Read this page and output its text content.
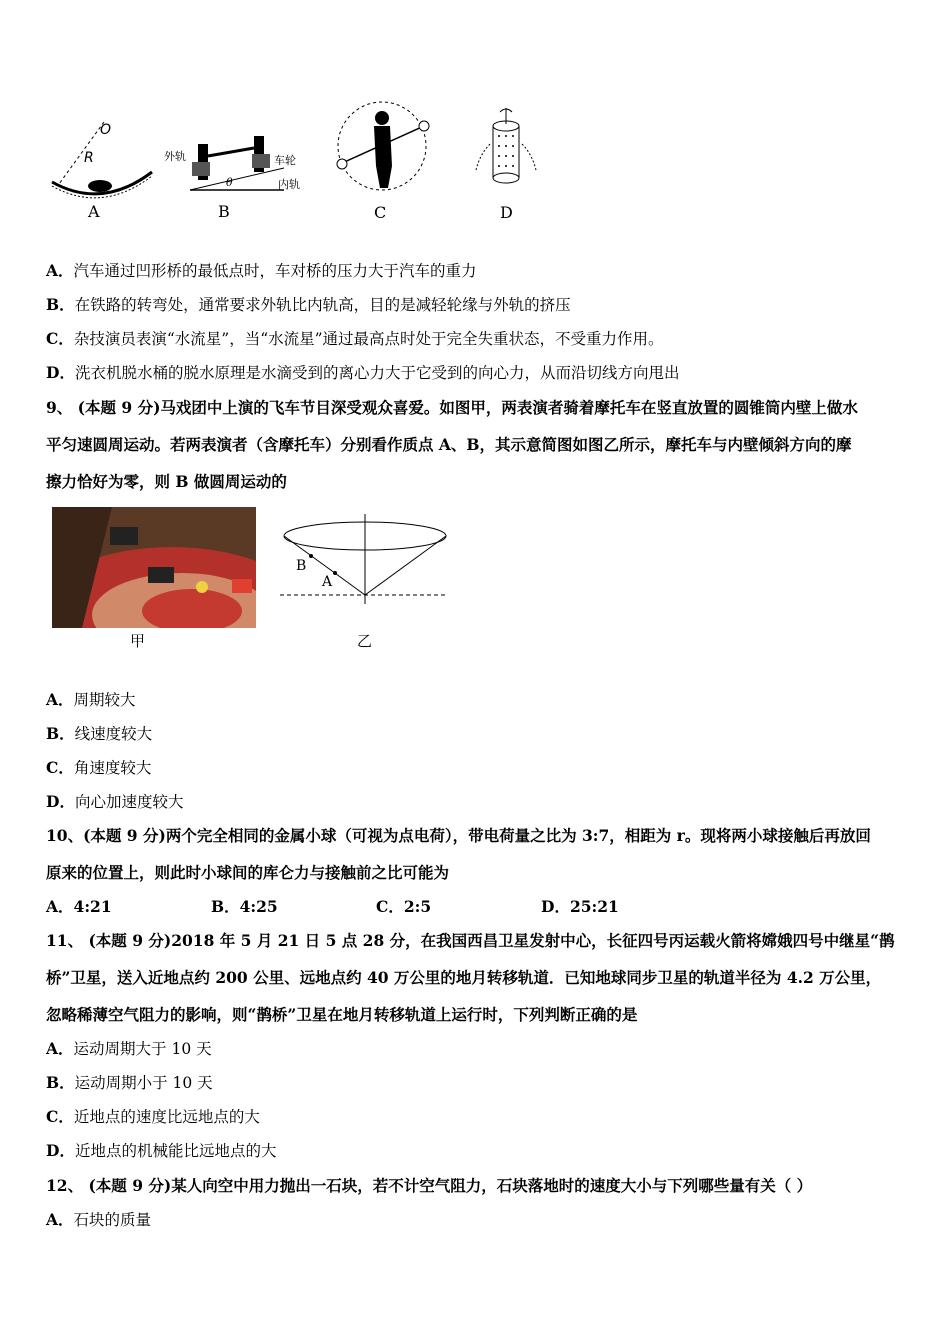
O
R
A
外轨	车轮
内轨
θ
B	C	D
A．汽车通过凹形桥的最低点时，车对桥的压力大于汽车的重力
B．在铁路的转弯处，通常要求外轨比内轨高，目的是减轻轮缘与外轨的挤压
C．杂技演员表演“水流星”，当“水流星”通过最高点时处于完全失重状态，不受重力作用。
D．洗衣机脱水桶的脱水原理是水滴受到的离心力大于它受到的向心力，从而沿切线方向甩出
9、 (本题 9 分)马戏团中上演的飞车节目深受观众喜爱。如图甲，两表演者骑着摩托车在竖直放置的圆锥筒内壁上做水
平匀速圆周运动。若两表演者（含摩托车）分别看作质点 A、B，其示意简图如图乙所示，摩托车与内壁倾斜方向的摩
擦力恰好为零，则 B 做圆周运动的
甲
B
A
乙
A．周期较大
B．线速度较大
C．角速度较大
D．向心加速度较大
10、(本题 9 分)两个完全相同的金属小球（可视为点电荷），带电荷量之比为 3:7，相距为 r。现将两小球接触后再放回
原来的位置上，则此时小球间的库仑力与接触前之比可能为
A．4:21	B．4:25	C．2:5	D．25:21
11、 (本题 9 分)2018 年 5 月 21 日 5 点 28 分，在我国西昌卫星发射中心，长征四号丙运载火箭将嫦娥四号中继星“鹊
桥”卫星，送入近地点约 200 公里、远地点约 40 万公里的地月转移轨道．已知地球同步卫星的轨道半径为 4.2 万公里，
忽略稀薄空气阻力的影响，则“鹊桥”卫星在地月转移轨道上运行时，下列判断正确的是
A．运动周期大于 10 天
B．运动周期小于 10 天
C．近地点的速度比远地点的大
D．近地点的机械能比远地点的大
12、 (本题 9 分)某人向空中用力抛出一石块，若不计空气阻力，石块落地时的速度大小与下列哪些量有关（ ）
A．石块的质量
